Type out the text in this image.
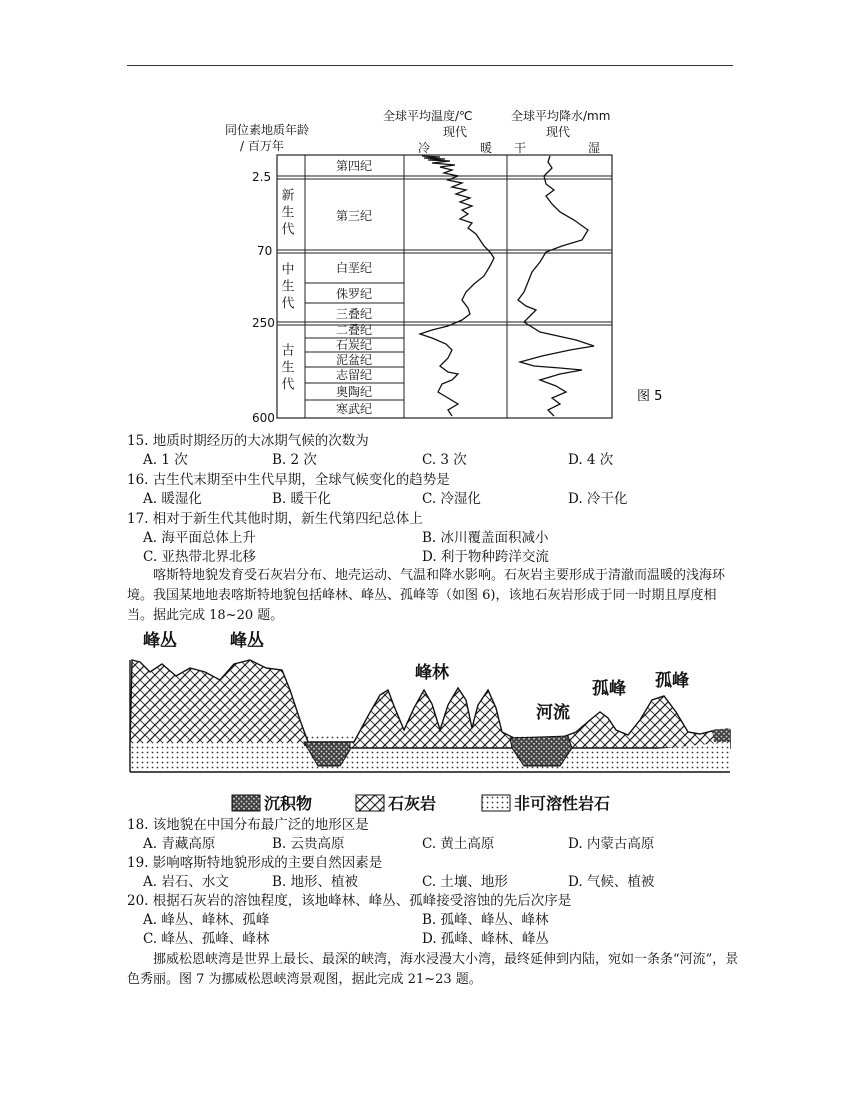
同位素地质年龄
/ 百万年
全球平均温度/℃
现代
冷	暖
全球平均降水/mm
现代
干	湿
2.5
70
250
600
新生代
中生代
古生代
第四纪
第三纪
白垩纪
侏罗纪
三叠纪
二叠纪
石炭纪
泥盆纪
志留纪
奥陶纪
寒武纪
图 5
15. 地质时期经历的大冰期气候的次数为
A. 1 次	B. 2 次	C. 3 次	D. 4 次
16. 古生代末期至中生代早期，全球气候变化的趋势是
A. 暖湿化	B. 暖干化	C. 冷湿化	D. 冷干化
17. 相对于新生代其他时期，新生代第四纪总体上
A. 海平面总体上升	B. 冰川覆盖面积减小
C. 亚热带北界北移	D. 利于物种跨洋交流
喀斯特地貌发育受石灰岩分布、地壳运动、气温和降水影响。石灰岩主要形成于清澈而温暖的浅海环境。我国某地地表喀斯特地貌包括峰林、峰丛、孤峰等（如图 6)，该地石灰岩形成于同一时期且厚度相当。据此完成 18~20 题。
峰丛	峰丛
峰林
河流
孤峰 孤峰
沉积物	石灰岩	非可溶性岩石
18. 该地貌在中国分布最广泛的地形区是
A. 青藏高原	B. 云贵高原	C. 黄土高原	D. 内蒙古高原
19. 影响喀斯特地貌形成的主要自然因素是
A. 岩石、水文	B. 地形、植被	C. 土壤、地形	D. 气候、植被
20. 根据石灰岩的溶蚀程度，该地峰林、峰丛、孤峰接受溶蚀的先后次序是
A. 峰丛、峰林、孤峰	B. 孤峰、峰丛、峰林
C. 峰丛、孤峰、峰林	D. 孤峰、峰林、峰丛
挪威松恩峡湾是世界上最长、最深的峡湾，海水浸漫大小湾，最终延伸到内陆，宛如一条条“河流”，景色秀丽。图 7 为挪威松恩峡湾景观图，据此完成 21~23 题。
